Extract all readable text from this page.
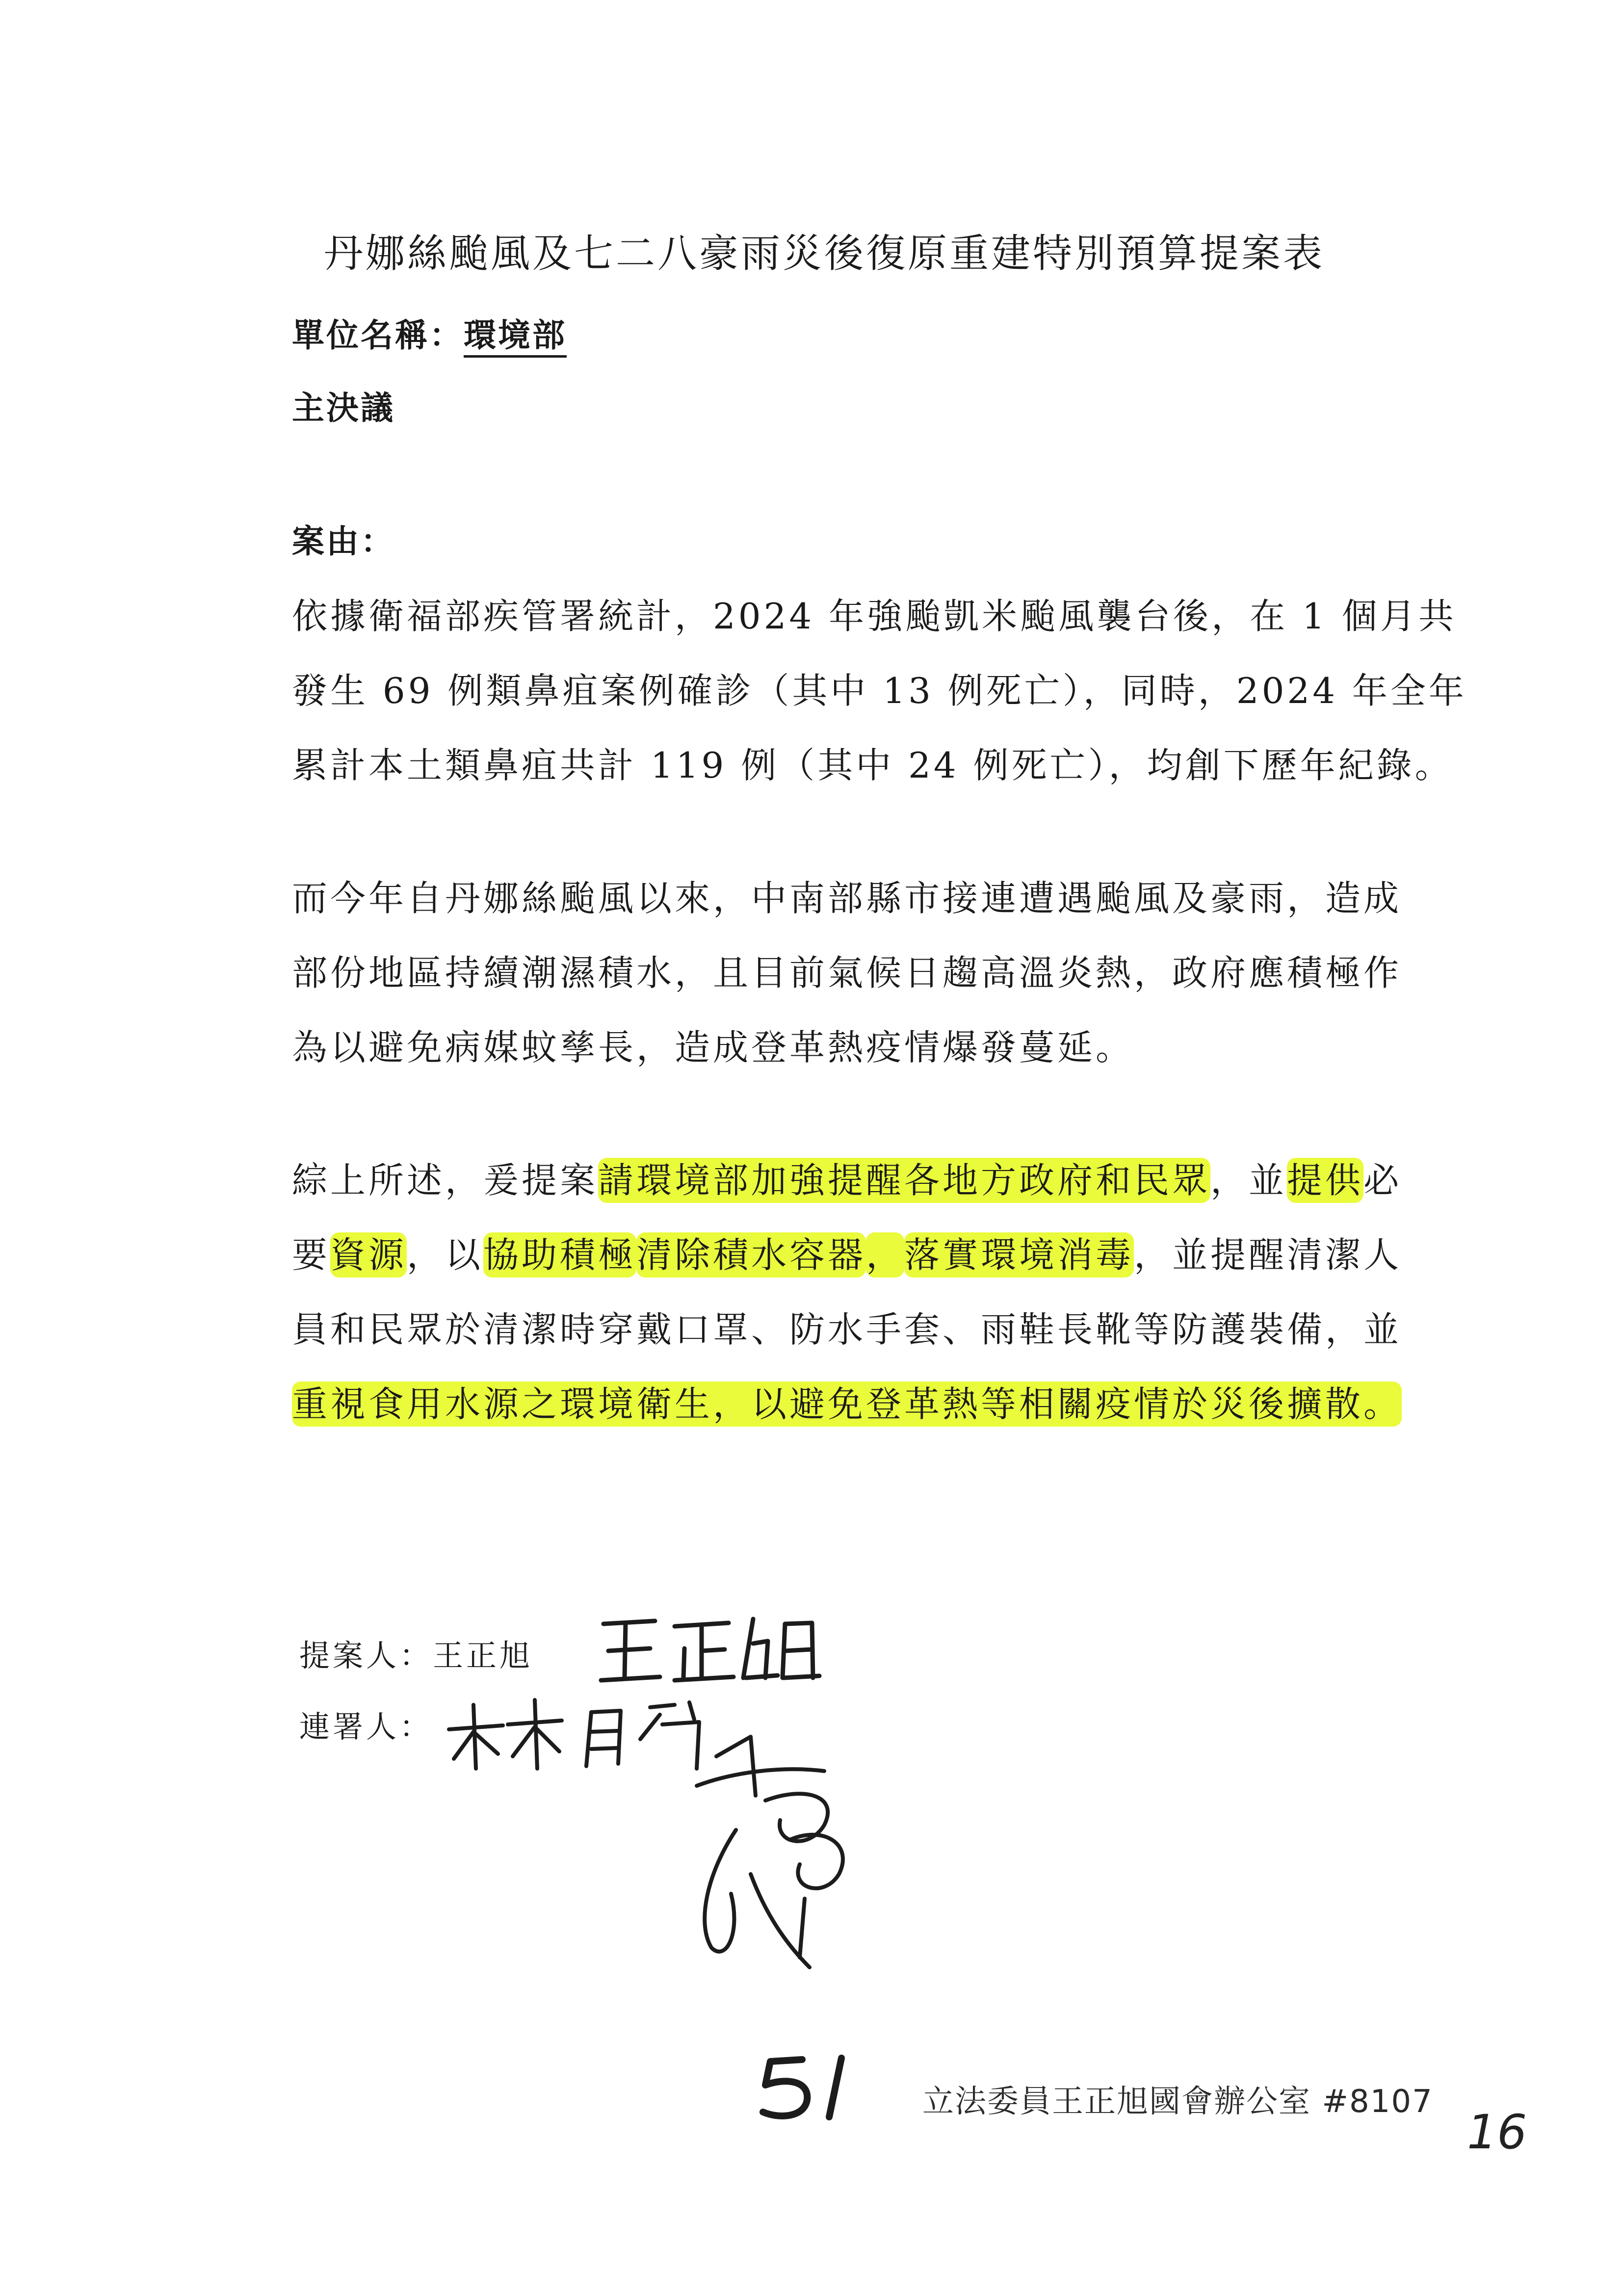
丹娜絲颱風及七二八豪雨災後復原重建特別預算提案表
單位名稱：環境部
主決議
案由：
依據衛福部疾管署統計，2024 年強颱凱米颱風襲台後，在 1 個月共
發生 69 例類鼻疽案例確診（其中 13 例死亡），同時，2024 年全年
累計本土類鼻疽共計 119 例（其中 24 例死亡），均創下歷年紀錄。
而今年自丹娜絲颱風以來，中南部縣市接連遭遇颱風及豪雨，造成
部份地區持續潮濕積水，且目前氣候日趨高溫炎熱，政府應積極作
為以避免病媒蚊孳長，造成登革熱疫情爆發蔓延。
綜上所述，爰提案請環境部加強提醒各地方政府和民眾，並提供必
要資源，以協助積極清除積水容器，落實環境消毒，並提醒清潔人
員和民眾於清潔時穿戴口罩、防水手套、雨鞋長靴等防護裝備，並
重視食用水源之環境衛生，以避免登革熱等相關疫情於災後擴散。
提案人：王正旭
連署人：
立法委員王正旭國會辦公室 #8107
16
